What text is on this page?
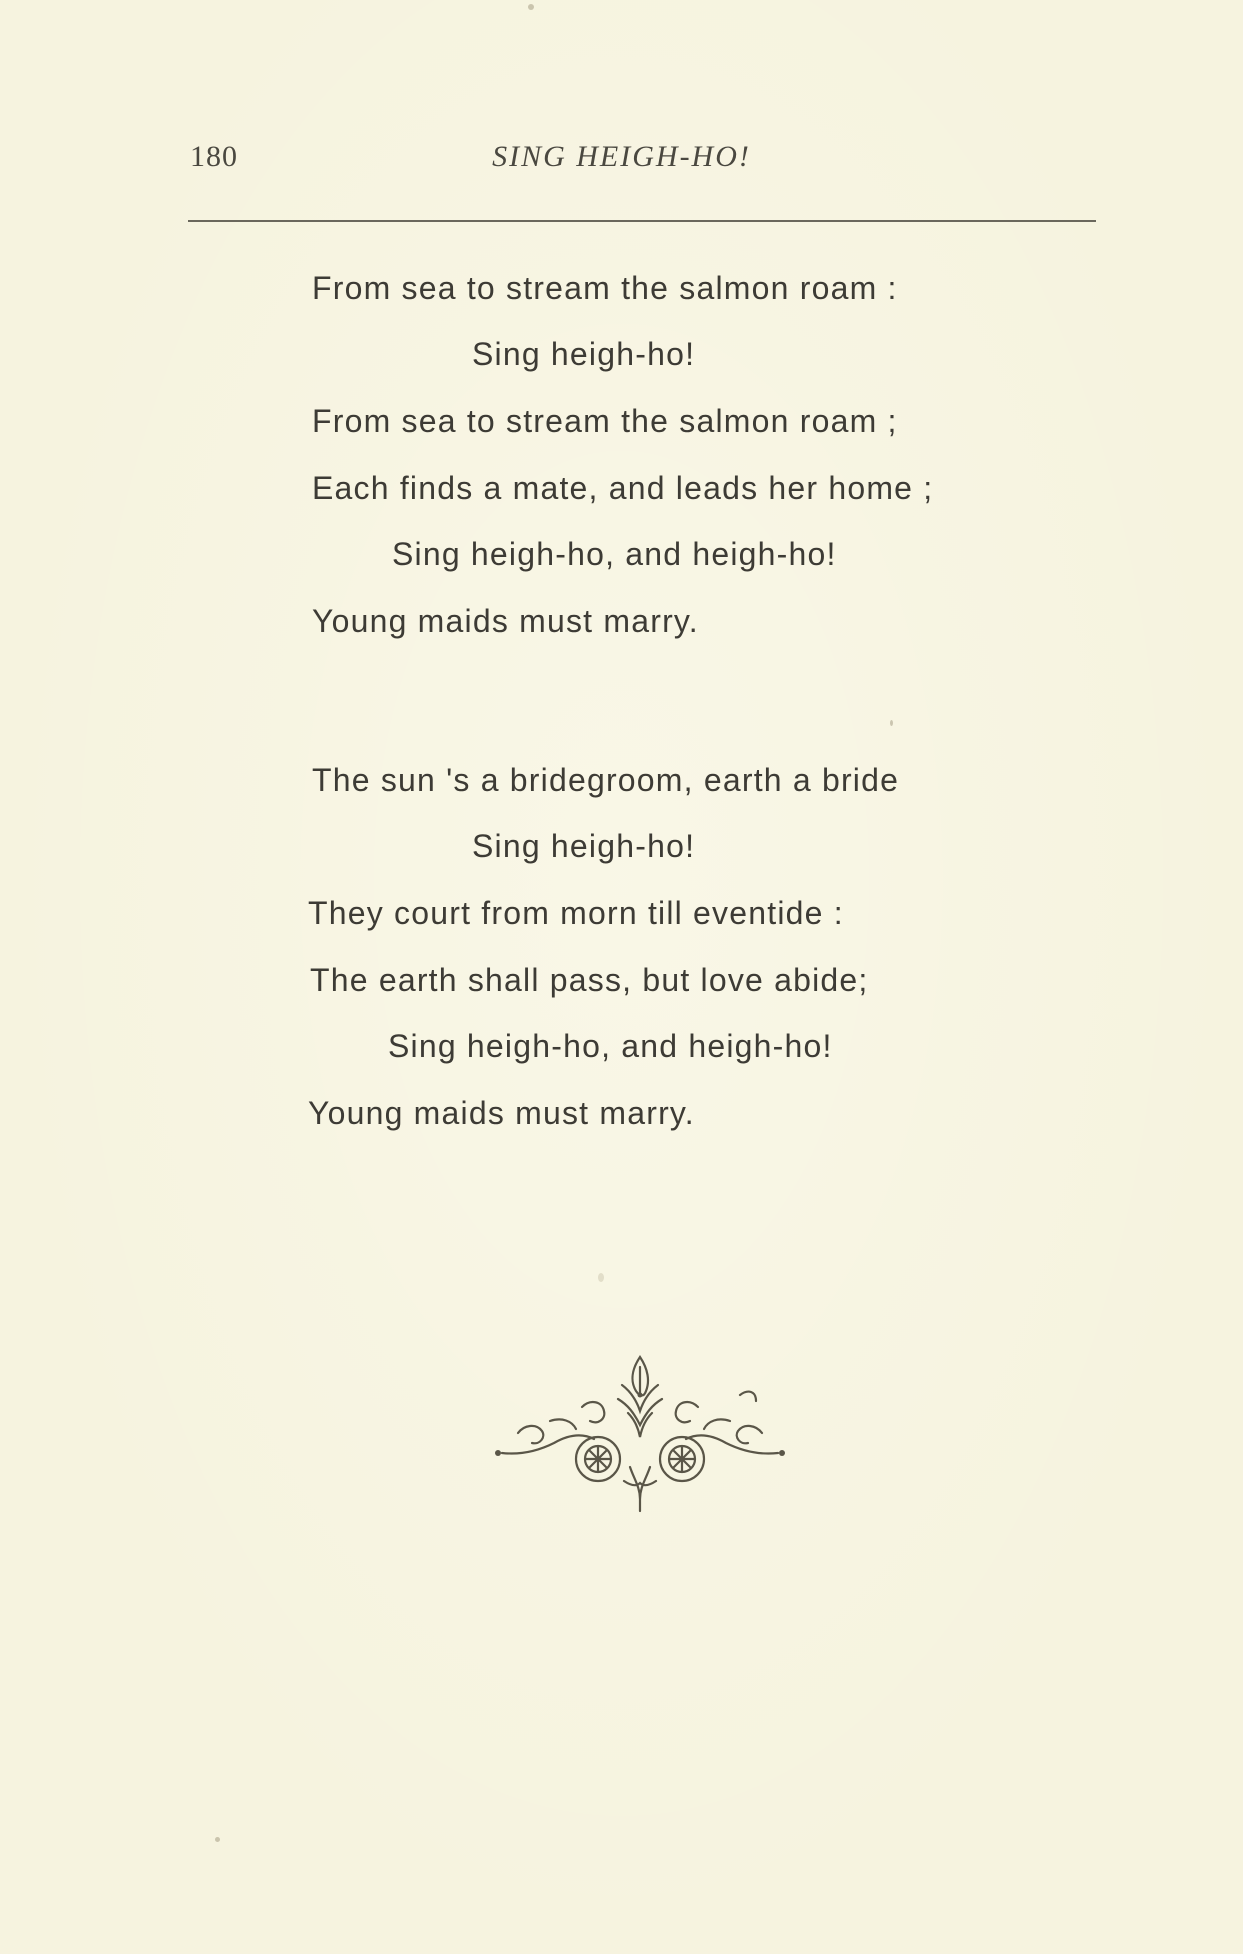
180	SING HEIGH-HO!
From sea to stream the salmon roam :
Sing heigh-ho!
From sea to stream the salmon roam ;
Each finds a mate, and leads her home ;
Sing heigh-ho, and heigh-ho!
Young maids must marry.
The sun 's a bridegroom, earth a bride
Sing heigh-ho!
They court from morn till eventide :
The earth shall pass, but love abide;
Sing heigh-ho, and heigh-ho!
Young maids must marry.
